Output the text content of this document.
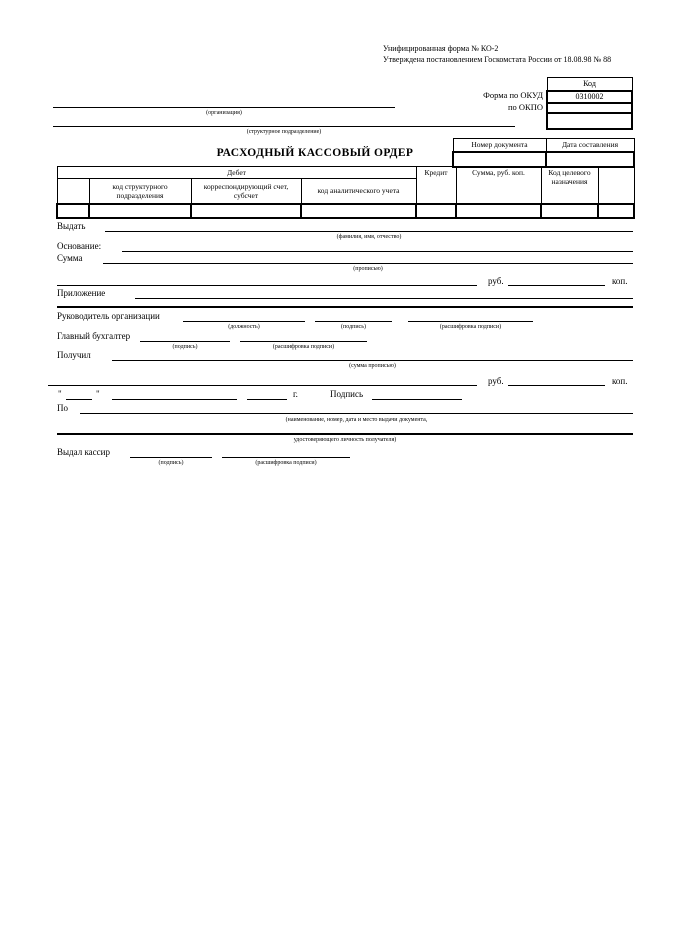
Унифицированная форма № КО-2
Утверждена постановлением Госкомстата России от 18.08.98 № 88
Форма по ОКУД
по ОКПО
Код
0310002

(организация)
(структурное подразделение)
Номер документа	Дата составления

РАСХОДНЫЙ КАССОВЫЙ ОРДЕР
Дебет				Кредит	Сумма, руб. коп.	Код целевого назначения	
	код структурного подразделения	корреспондирующий счет, субсчет	код аналитического учета				

Выдать
(фамилия, имя, отчество)
Основание:
Сумма
(прописью)
руб.	коп.
Приложение
Руководитель организации
(должность)	(подпись)	(расшифровка подписи)
Главный бухгалтер
(подпись)	(расшифровка подписи)
Получил
(сумма прописью)
руб.	коп.
"	"	г.	Подпись
По
(наименование, номер, дата и место выдачи документа,
удостоверяющего личность получателя)
Выдал кассир
(подпись)	(расшифровка подписи)
